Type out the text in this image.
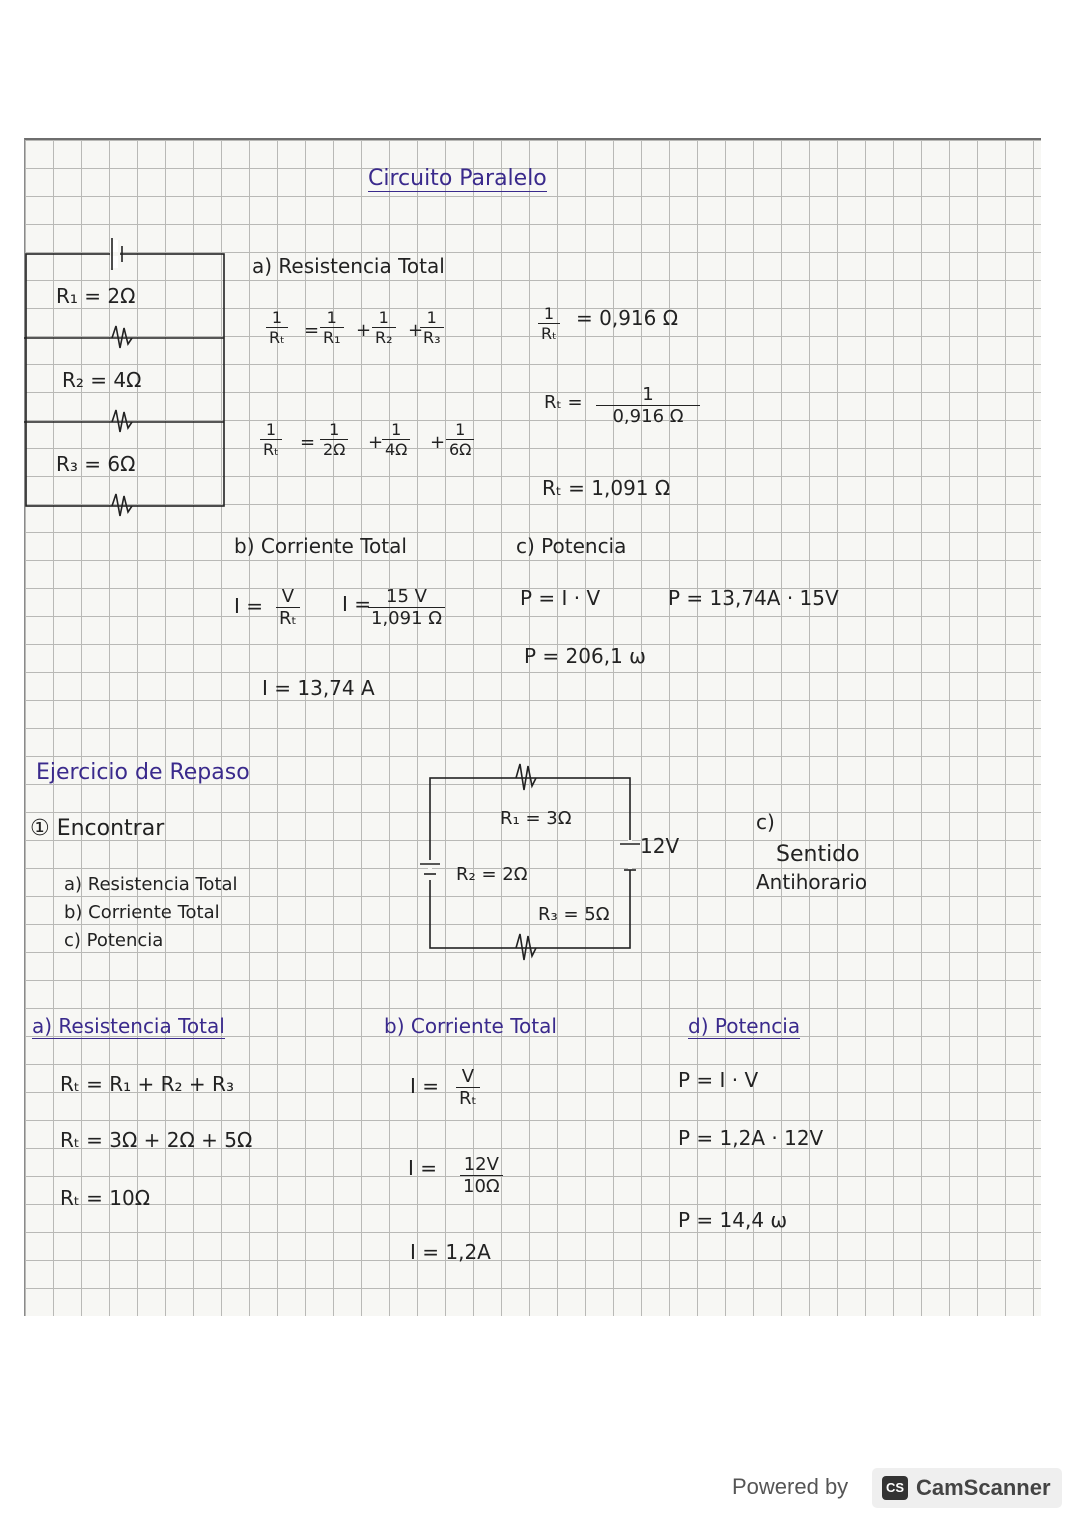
Circuito Paralelo
R₁ = 2Ω
R₂ = 4Ω
R₃ = 6Ω
a) Resistencia Total
$\frac{1}{\text{Rₜ}} = \frac{1}{\text{R₁}} + \frac{1}{\text{R₂}}$ +
$\frac{1}{\text{R₃}}$
$\frac{1}{\text{Rₜ}} = \frac{1}{2\Omega}$ +
$\frac{1}{4\Omega} + \frac{1}{6\Omega}$
$\frac{1}{\text{Rₜ}} = 0,916$ Ω
$R_t = \frac{1}{0,916 \Omega}$
Rₜ = 1,091 Ω
b) Corriente Total
$I = \frac{V}{\text{Rₜ}}$ I =
$\frac{15 V}{1,091 \Omega}$
I = 13,74 A
c) Potencia
P = I · V	P = 13,74A · 15V
P = 206,1 ω
Ejercicio de Repaso
① Encontrar
a) Resistencia Total
b) Corriente Total
c) Potencia
R₁ = 3Ω
R₂ = 2Ω
R₃ = 5Ω
12V
c)
Sentido
Antihorario
a) Resistencia Total
Rₜ = R₁ + R₂ + R₃
Rₜ = 3Ω + 2Ω + 5Ω
Rₜ = 10Ω
b) Corriente Total
$I = \frac{V}{\text{Rₜ}}$
$I = \frac{12V}{10\Omega}$
I = 1,2A
d) Potencia
P = I · V
P = 1,2A · 12V
P = 14,4 ω
Powered by	CS CamScanner
